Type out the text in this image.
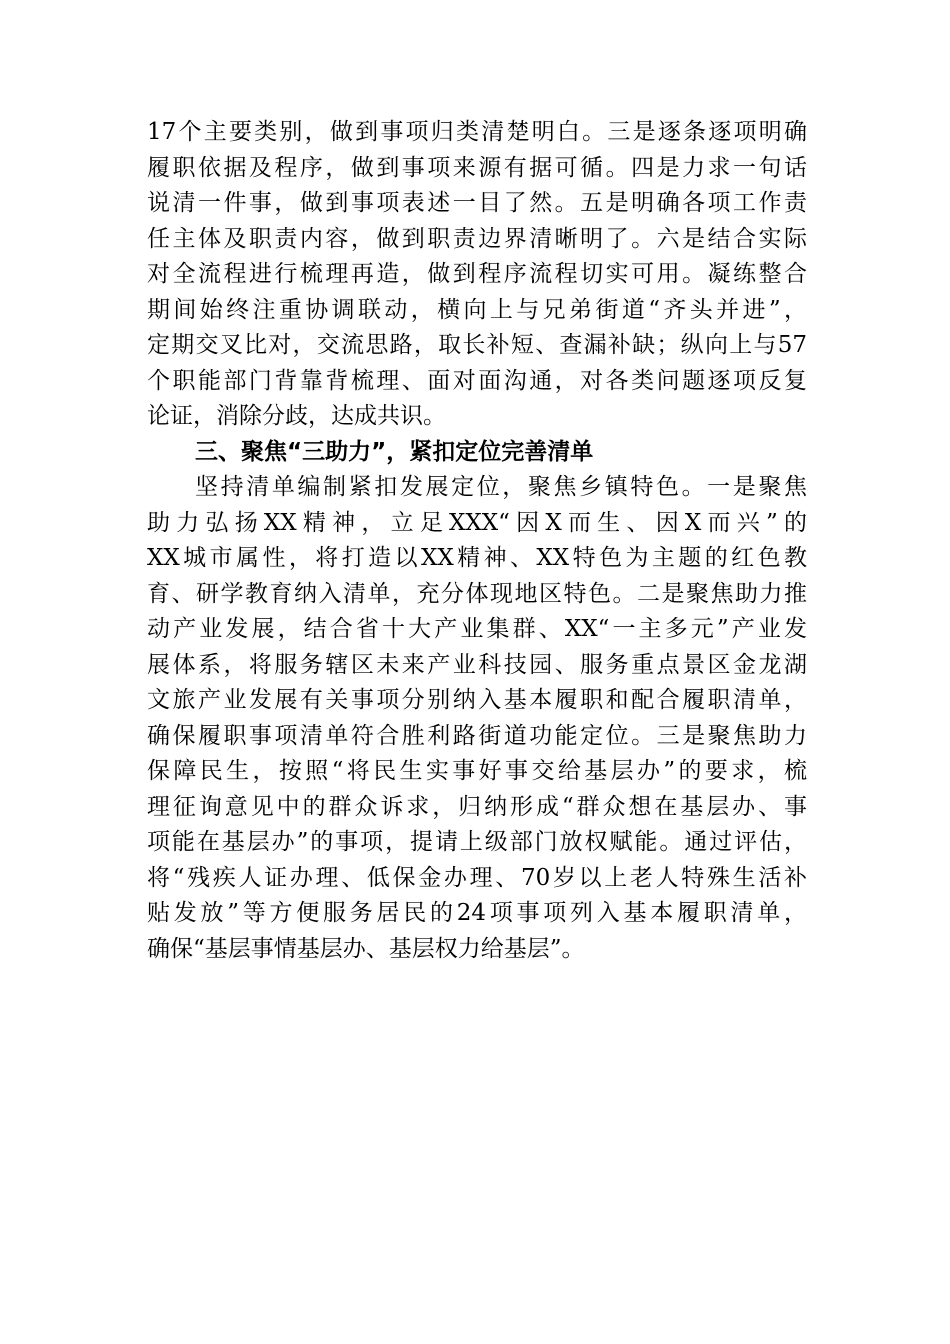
17个主要类别，做到事项归类清楚明白。三是逐条逐项明确
履职依据及程序，做到事项来源有据可循。四是力求一句话
说清一件事，做到事项表述一目了然。五是明确各项工作责
任主体及职责内容，做到职责边界清晰明了。六是结合实际
对全流程进行梳理再造，做到程序流程切实可用。凝练整合
期间始终注重协调联动，横向上与兄弟街道“齐头并进”，
定期交叉比对，交流思路，取长补短、查漏补缺；纵向上与57
个职能部门背靠背梳理、面对面沟通，对各类问题逐项反复
论证，消除分歧，达成共识。
三、聚焦“三助力”，紧扣定位完善清单
坚持清单编制紧扣发展定位，聚焦乡镇特色。一是聚焦
助力弘扬XX精神，立足XXX“因X而生、因X而兴”的
XX城市属性，将打造以XX精神、XX特色为主题的红色教
育、研学教育纳入清单，充分体现地区特色。二是聚焦助力推
动产业发展，结合省十大产业集群、XX“一主多元”产业发
展体系，将服务辖区未来产业科技园、服务重点景区金龙湖
文旅产业发展有关事项分别纳入基本履职和配合履职清单，
确保履职事项清单符合胜利路街道功能定位。三是聚焦助力
保障民生，按照“将民生实事好事交给基层办”的要求，梳
理征询意见中的群众诉求，归纳形成“群众想在基层办、事
项能在基层办”的事项，提请上级部门放权赋能。通过评估，
将“残疾人证办理、低保金办理、70岁以上老人特殊生活补
贴发放”等方便服务居民的24项事项列入基本履职清单，
确保“基层事情基层办、基层权力给基层”。
